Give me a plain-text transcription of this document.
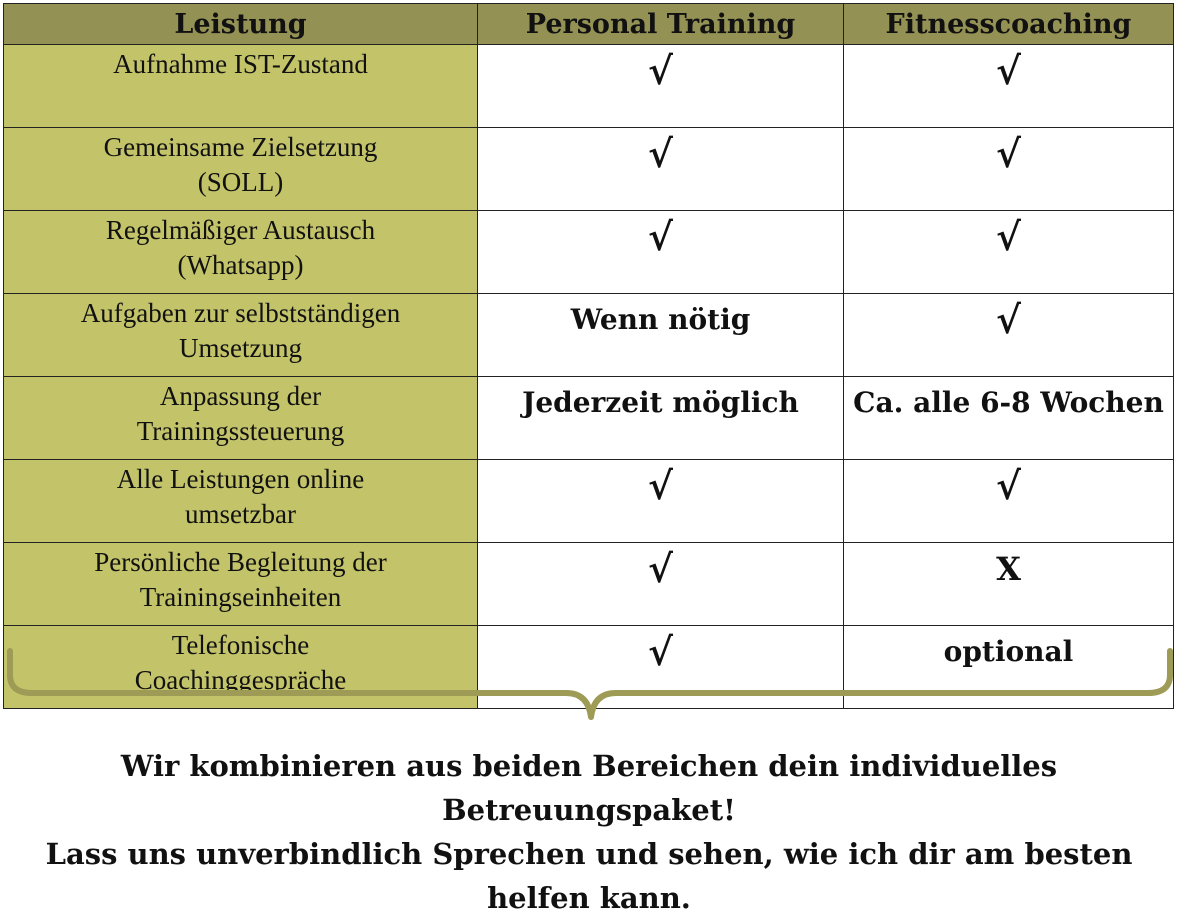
Leistung	Personal Training	Fitnesscoaching
Aufnahme IST-Zustand	√	√
Gemeinsame Zielsetzung
(SOLL)	√	√
Regelmäßiger Austausch
(Whatsapp)	√	√
Aufgaben zur selbstständigen
Umsetzung	Wenn nötig	√
Anpassung der
Trainingssteuerung	Jederzeit möglich	Ca. alle 6-8 Wochen
Alle Leistungen online
umsetzbar	√	√
Persönliche Begleitung der
Trainingseinheiten	√	X
Telefonische
Coachinggespräche	√	optional

Wir kombinieren aus beiden Bereichen dein individuelles

Betreuungspaket!

Lass uns unverbindlich Sprechen und sehen, wie ich dir am besten

helfen kann.
